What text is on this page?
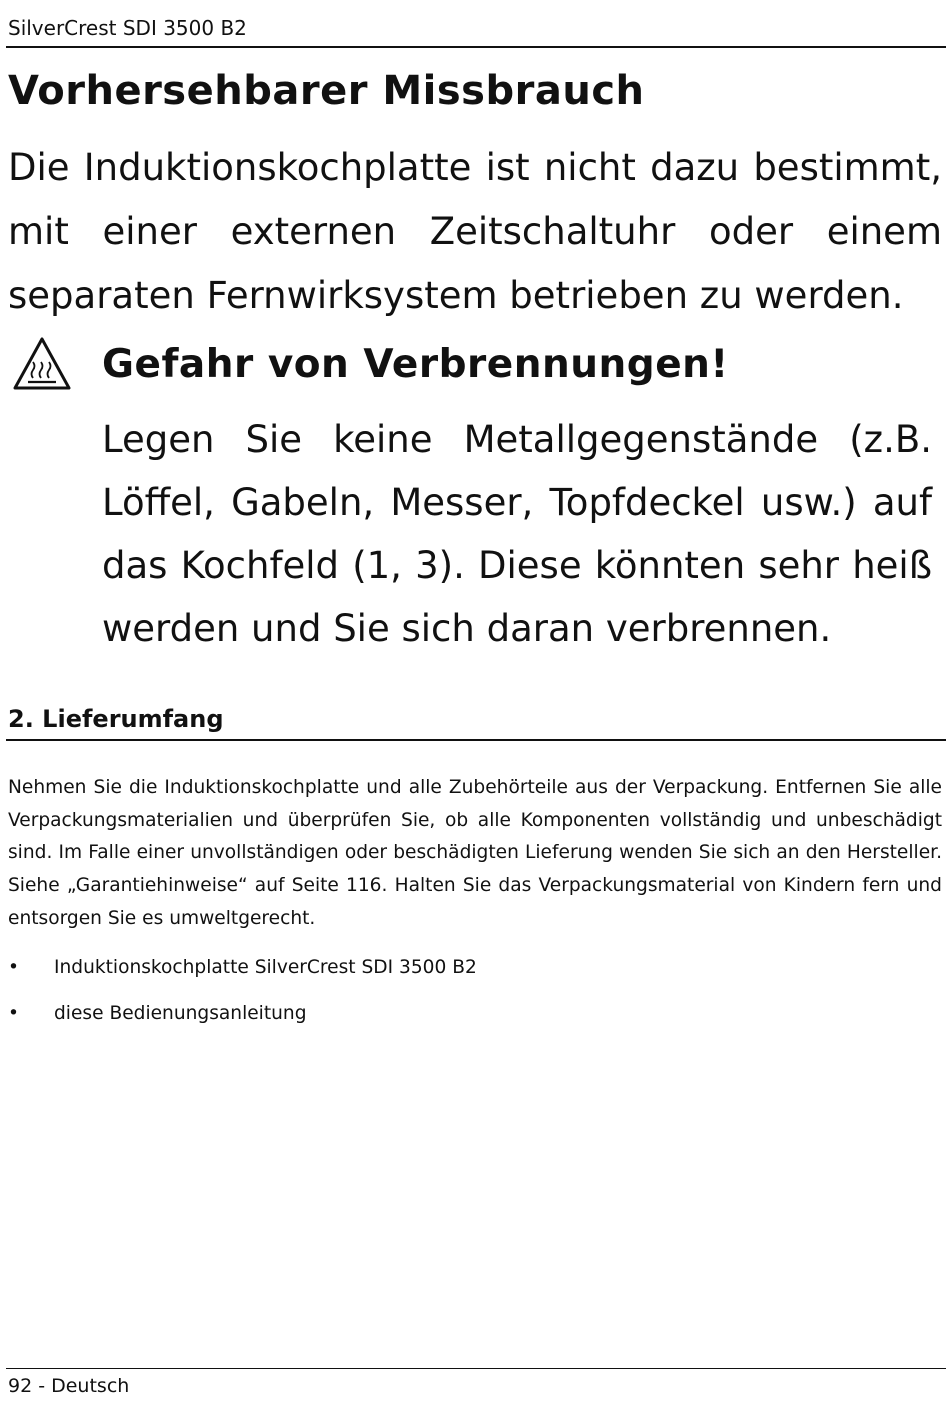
SilverCrest SDI 3500 B2
Vorhersehbarer Missbrauch

Die Induktionskochplatte ist nicht dazu bestimmt, mit einer externen Zeitschaltuhr oder einem separaten Fernwirksystem betrieben zu werden.

Gefahr von Verbrennungen!

Legen Sie keine Metallgegenstände (z.B. Löffel, Gabeln, Messer, Topfdeckel usw.) auf das Kochfeld (1, 3). Diese könnten sehr heiß werden und Sie sich daran verbrennen.

2. Lieferumfang

Nehmen Sie die Induktionskochplatte und alle Zubehörteile aus der Verpackung. Entfernen Sie alle Verpackungsmaterialien und überprüfen Sie, ob alle Komponenten vollständig und unbeschädigt sind. Im Falle einer unvollständigen oder beschädigten Lieferung wenden Sie sich an den Hersteller. Siehe „Garantiehinweise“ auf Seite 116. Halten Sie das Verpackungsmaterial von Kindern fern und entsorgen Sie es umweltgerecht.

• Induktionskochplatte SilverCrest SDI 3500 B2
• diese Bedienungsanleitung
92 - Deutsch
